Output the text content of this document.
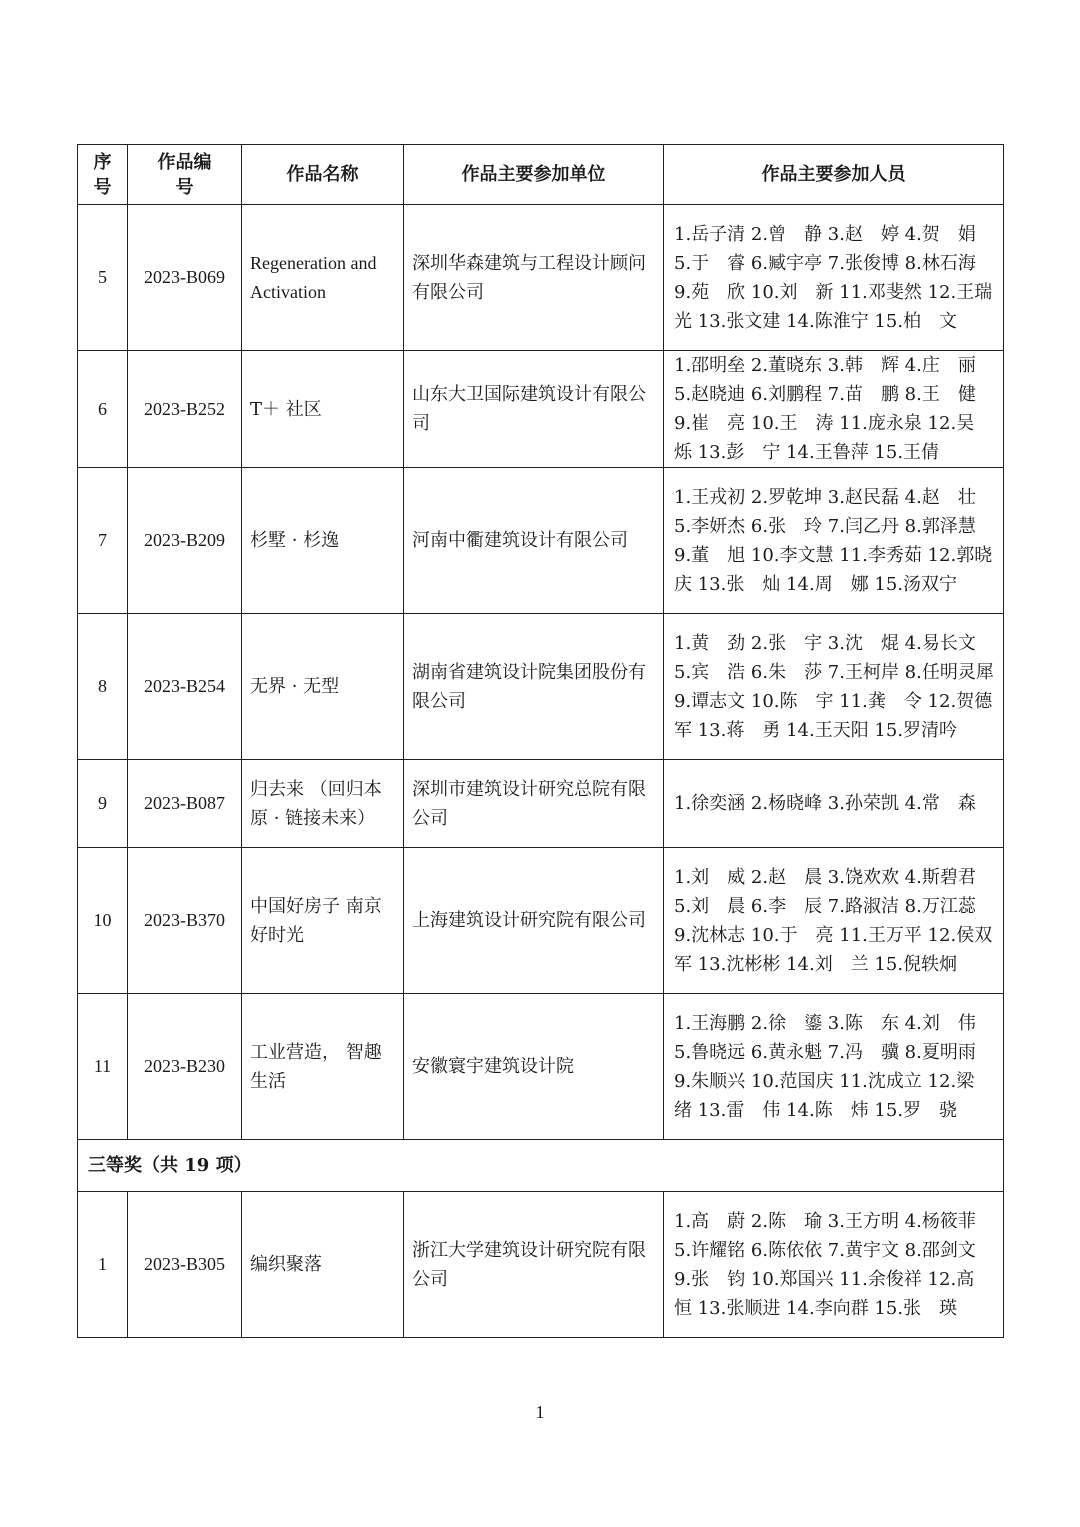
序号	作品编号	作品名称	作品主要参加单位	作品主要参加人员
5	2023-B069	Regeneration and Activation	深圳华森建筑与工程设计顾问有限公司	1.岳子清 2.曾　静 3.赵　婷 4.贺　娟 5.于　睿 6.臧宇亭 7.张俊博 8.林石海 9.苑　欣 10.刘　新 11.邓斐然 12.王瑞光 13.张文建 14.陈淮宁 15.柏　文
6	2023-B252	T＋ 社区	山东大卫国际建筑设计有限公司	1.邵明垒 2.董晓东 3.韩　辉 4.庄　丽 5.赵晓迪 6.刘鹏程 7.苗　鹏 8.王　健 9.崔　亮 10.王　涛 11.庞永泉 12.吴　烁 13.彭　宁 14.王鲁萍 15.王倩
7	2023-B209	杉墅 · 杉逸	河南中衢建筑设计有限公司	1.王戎初 2.罗乾坤 3.赵民磊 4.赵　壮 5.李妍杰 6.张　玲 7.闫乙丹 8.郭泽慧 9.董　旭 10.李文慧 11.李秀茹 12.郭晓庆 13.张　灿 14.周　娜 15.汤双宁
8	2023-B254	无界 · 无型	湖南省建筑设计院集团股份有限公司	1.黄　劲 2.张　宇 3.沈　焜 4.易长文 5.宾　浩 6.朱　莎 7.王柯岸 8.任明灵犀 9.谭志文 10.陈　宇 11.龚　令 12.贺德军 13.蒋　勇 14.王天阳 15.罗清吟
9	2023-B087	归去来 （回归本原 · 链接未来）	深圳市建筑设计研究总院有限公司	1.徐奕涵 2.杨晓峰 3.孙荣凯 4.常　森
10	2023-B370	中国好房子 南京好时光	上海建筑设计研究院有限公司	1.刘　威 2.赵　晨 3.饶欢欢 4.斯碧君 5.刘　晨 6.李　辰 7.路淑洁 8.万江蕊 9.沈林志 10.于　亮 11.王万平 12.侯双军 13.沈彬彬 14.刘　兰 15.倪轶炯
11	2023-B230	工业营造， 智趣生活	安徽寰宇建筑设计院	1.王海鹏 2.徐　鎏 3.陈　东 4.刘　伟 5.鲁晓远 6.黄永魁 7.冯　骥 8.夏明雨 9.朱顺兴 10.范国庆 11.沈成立 12.梁　绪 13.雷　伟 14.陈　炜 15.罗　骁
三等奖（共 19 项）				
1	2023-B305	编织聚落	浙江大学建筑设计研究院有限公司	1.高　蔚 2.陈　瑜 3.王方明 4.杨筱菲 5.许耀铭 6.陈依依 7.黄宇文 8.邵剑文 9.张　钧 10.郑国兴 11.余俊祥 12.高　恒 13.张顺进 14.李向群 15.张　瑛
1
